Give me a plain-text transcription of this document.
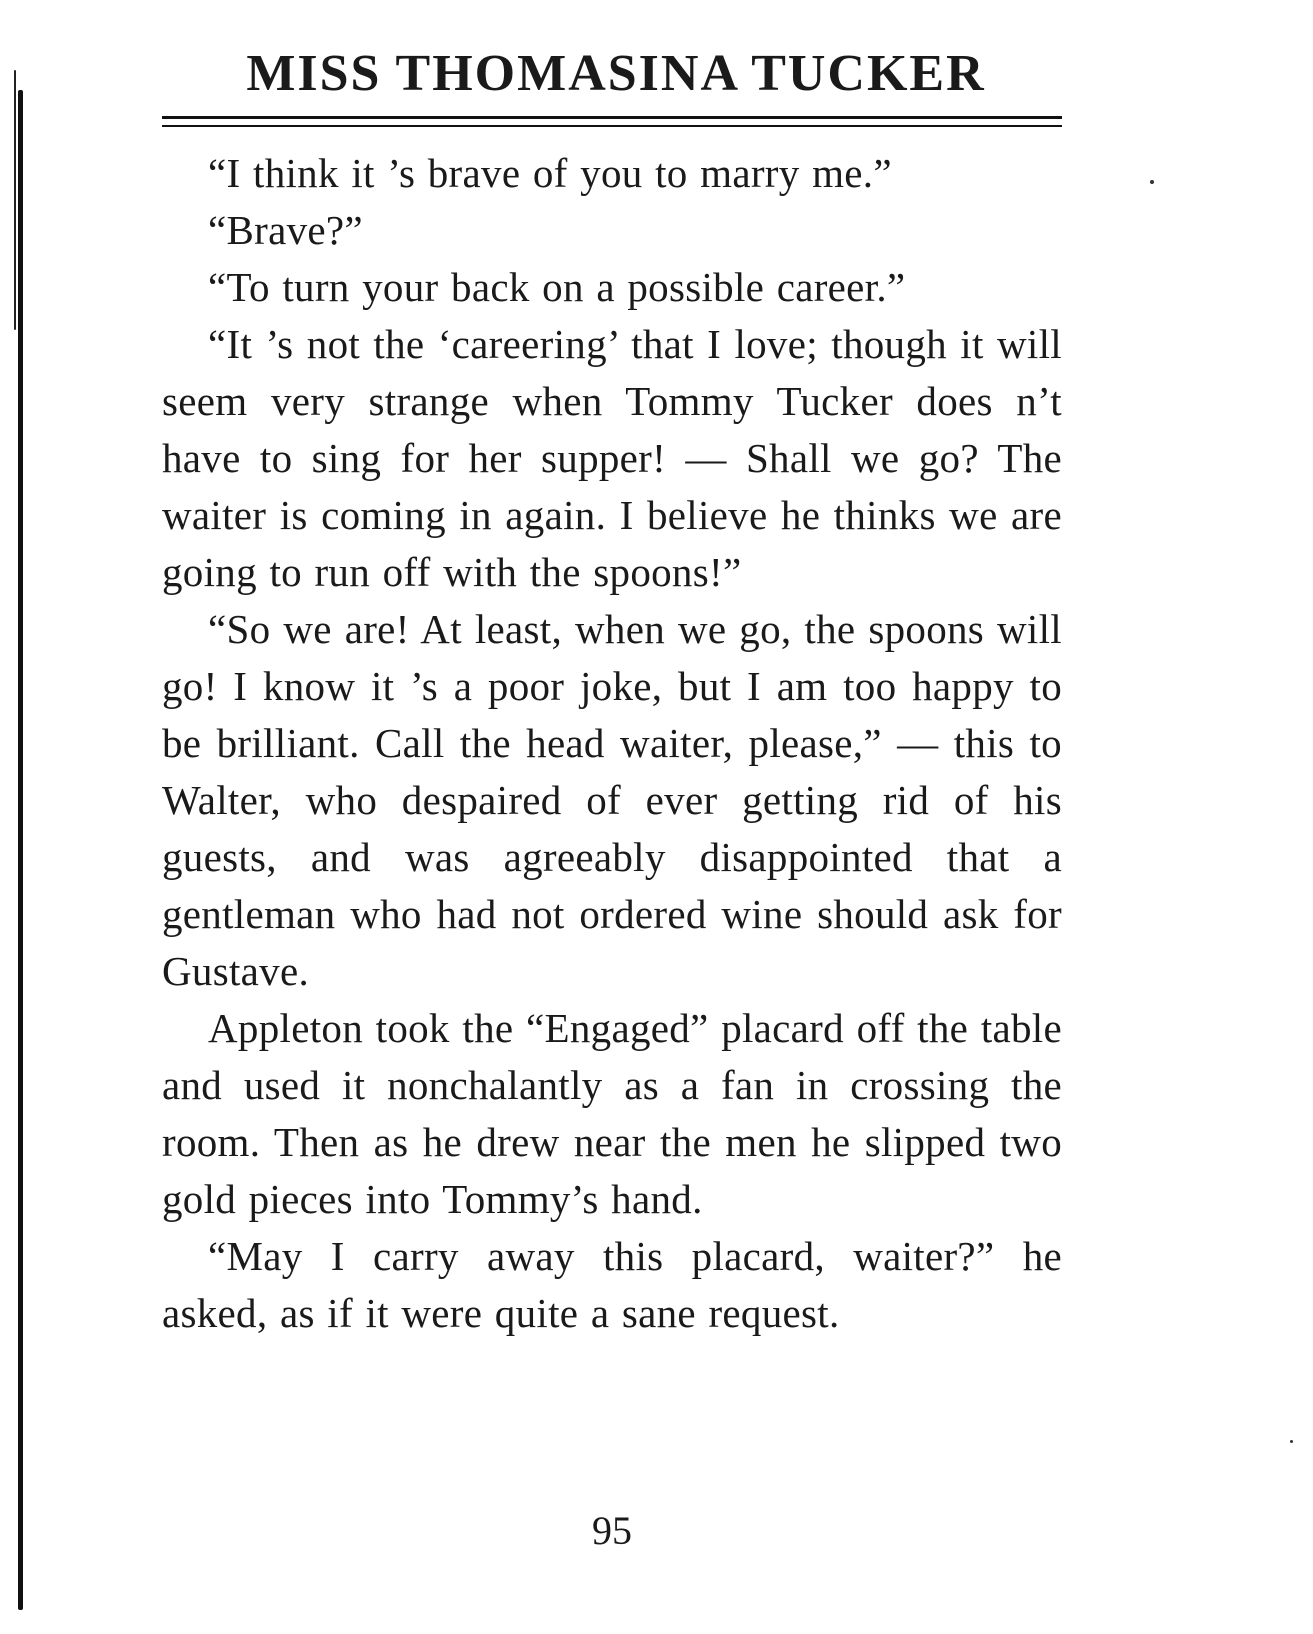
MISS THOMASINA TUCKER

“I think it ’s brave of you to marry me.”

“Brave?”

“To turn your back on a possible career.”

“It ’s not the ‘careering’ that I love; though it will seem very strange when Tommy Tucker does n’t have to sing for her supper! — Shall we go? The waiter is coming in again. I believe he thinks we are going to run off with the spoons!”

“So we are! At least, when we go, the spoons will go! I know it ’s a poor joke, but I am too happy to be brilliant. Call the head waiter, please,” — this to Walter, who despaired of ever getting rid of his guests, and was agreeably disappointed that a gentleman who had not ordered wine should ask for Gustave.

Appleton took the “Engaged” placard off the table and used it nonchalantly as a fan in crossing the room. Then as he drew near the men he slipped two gold pieces into Tommy’s hand.

“May I carry away this placard, waiter?” he asked, as if it were quite a sane request.

95
